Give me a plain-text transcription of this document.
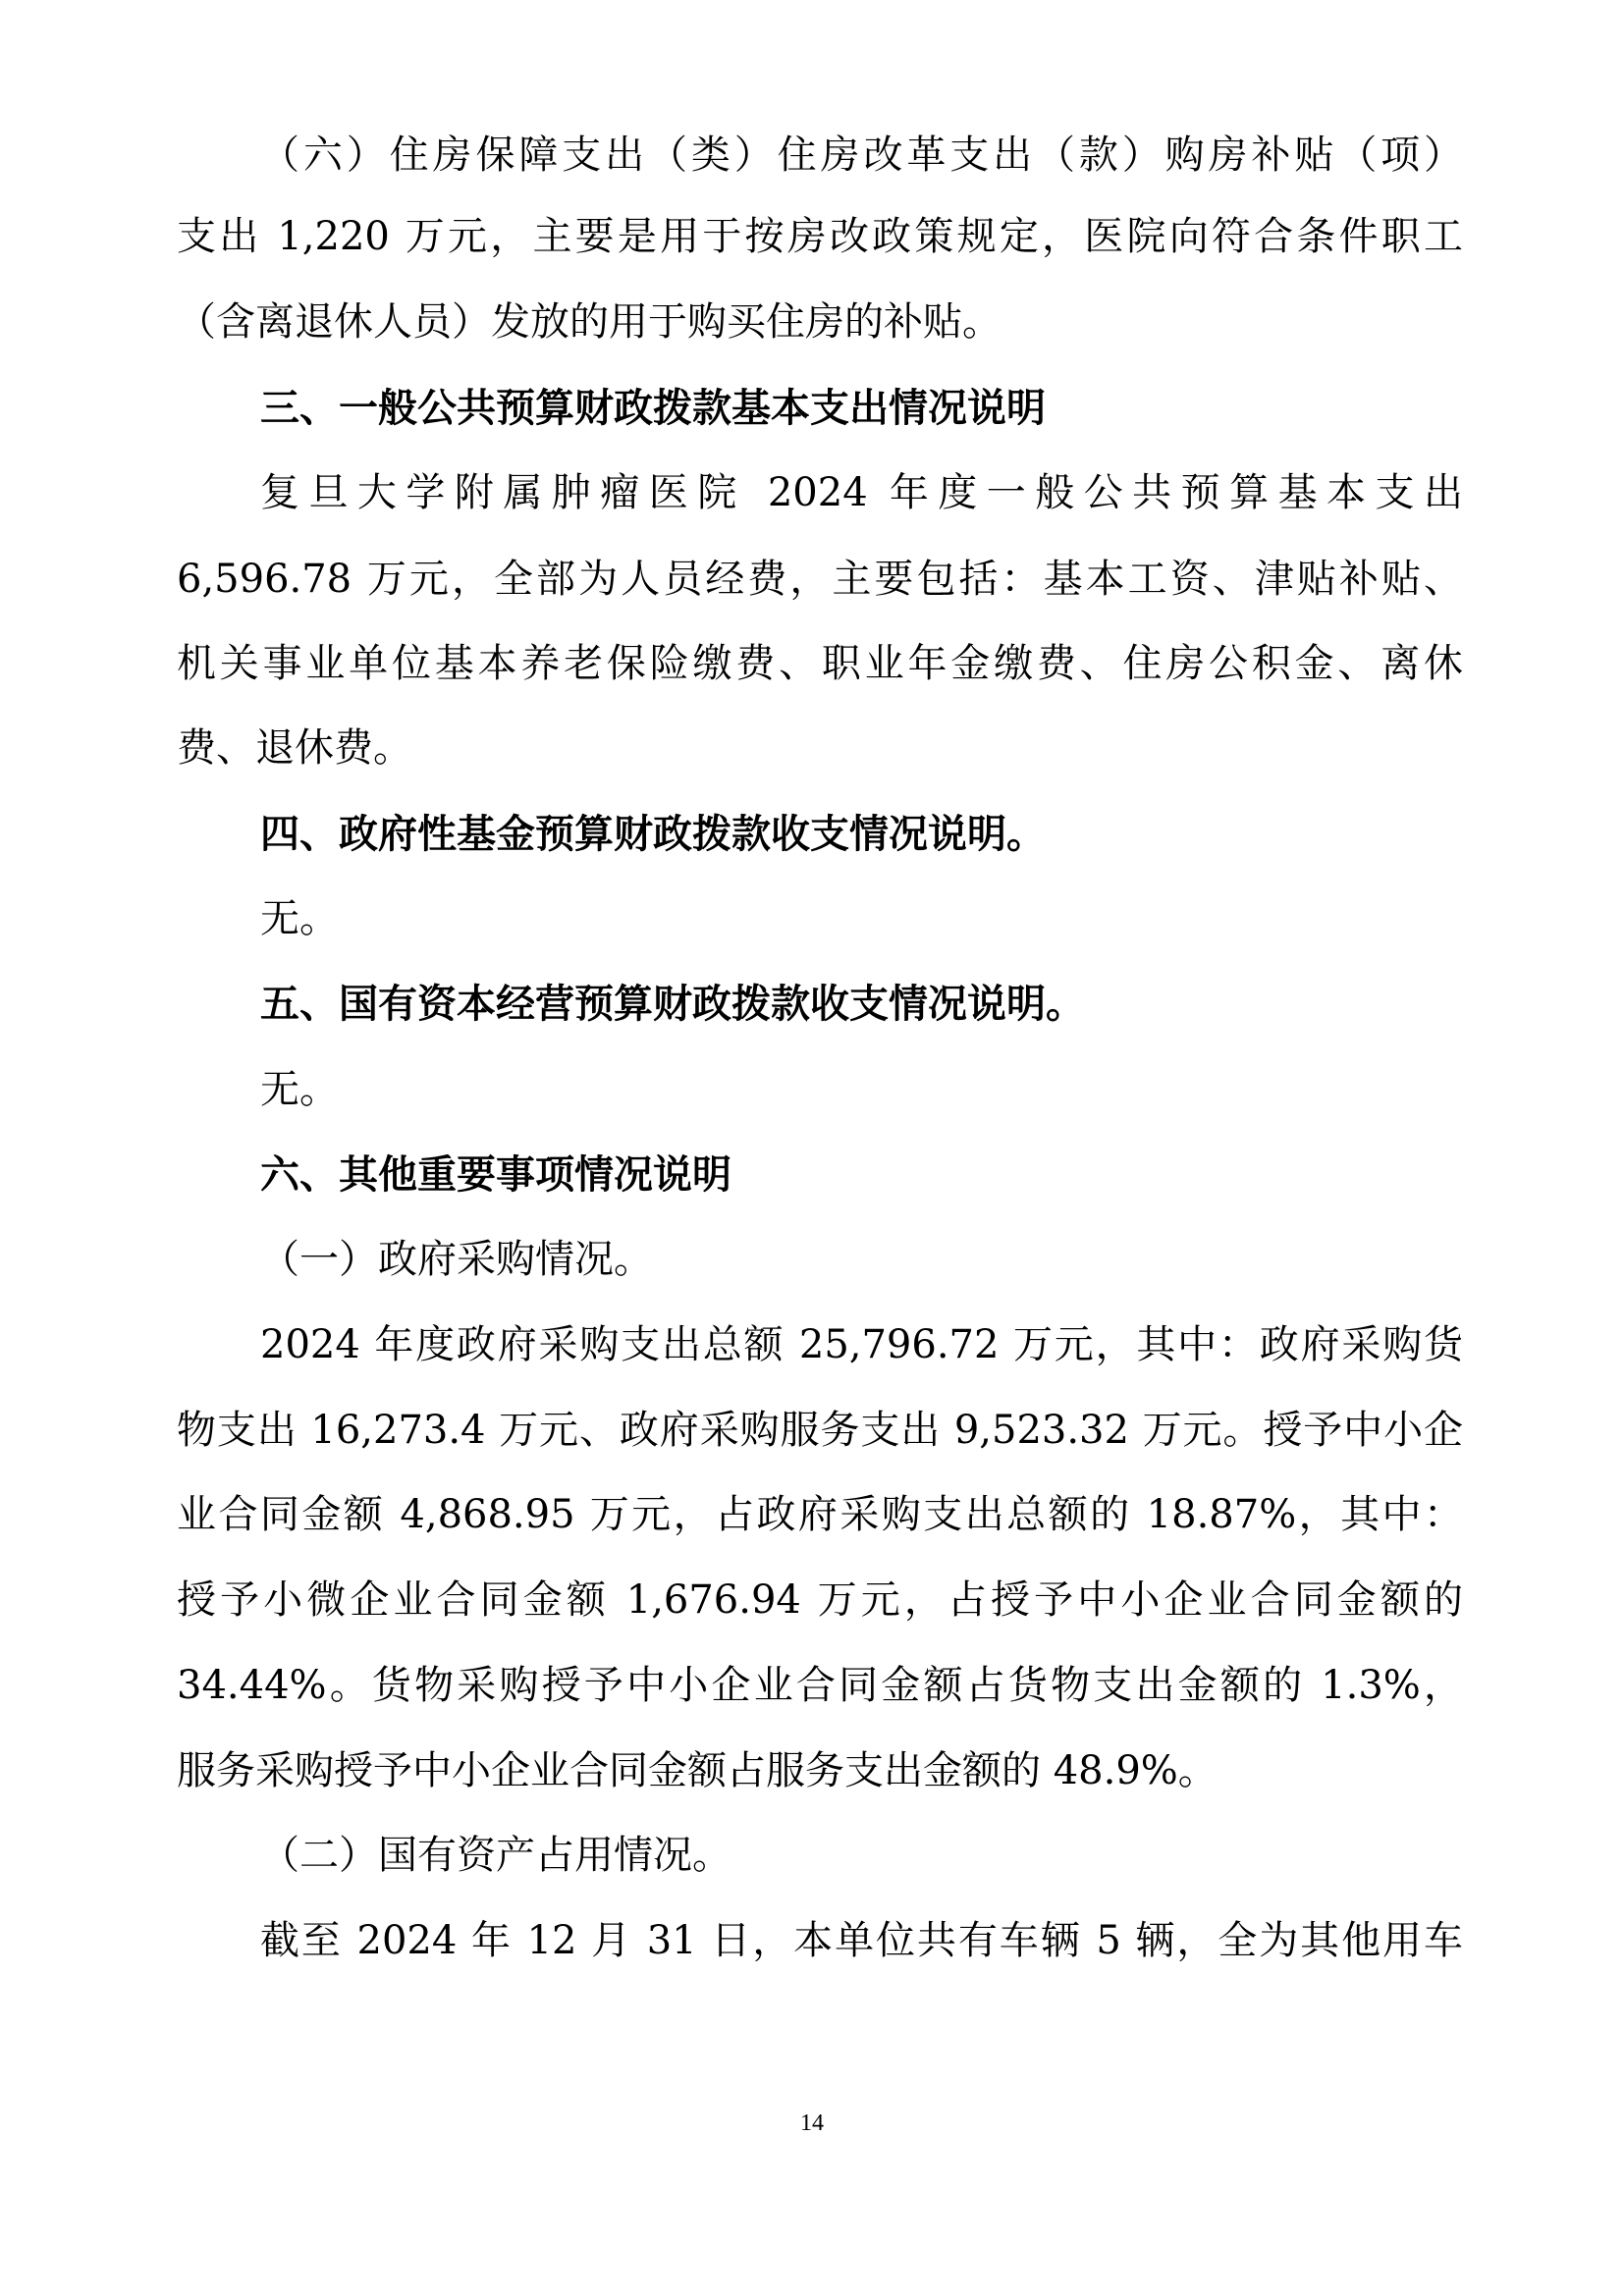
（六）住房保障支出（类）住房改革支出（款）购房补贴（项）
支出 1,220 万元，主要是用于按房改政策规定，医院向符合条件职工
（含离退休人员）发放的用于购买住房的补贴。
三、一般公共预算财政拨款基本支出情况说明
复旦大学附属肿瘤医院 2024 年度一般公共预算基本支出
6,596.78 万元，全部为人员经费，主要包括：基本工资、津贴补贴、
机关事业单位基本养老保险缴费、职业年金缴费、住房公积金、离休
费、退休费。
四、政府性基金预算财政拨款收支情况说明。
无。
五、国有资本经营预算财政拨款收支情况说明。
无。
六、其他重要事项情况说明
（一）政府采购情况。
2024 年度政府采购支出总额 25,796.72 万元，其中：政府采购货
物支出 16,273.4 万元、政府采购服务支出 9,523.32 万元。授予中小企
业合同金额 4,868.95 万元，占政府采购支出总额的 18.87%，其中：
授予小微企业合同金额 1,676.94 万元，占授予中小企业合同金额的
34.44%。货物采购授予中小企业合同金额占货物支出金额的 1.3%，
服务采购授予中小企业合同金额占服务支出金额的 48.9%。
（二）国有资产占用情况。
截至 2024 年 12 月 31 日，本单位共有车辆 5 辆，全为其他用车
14
